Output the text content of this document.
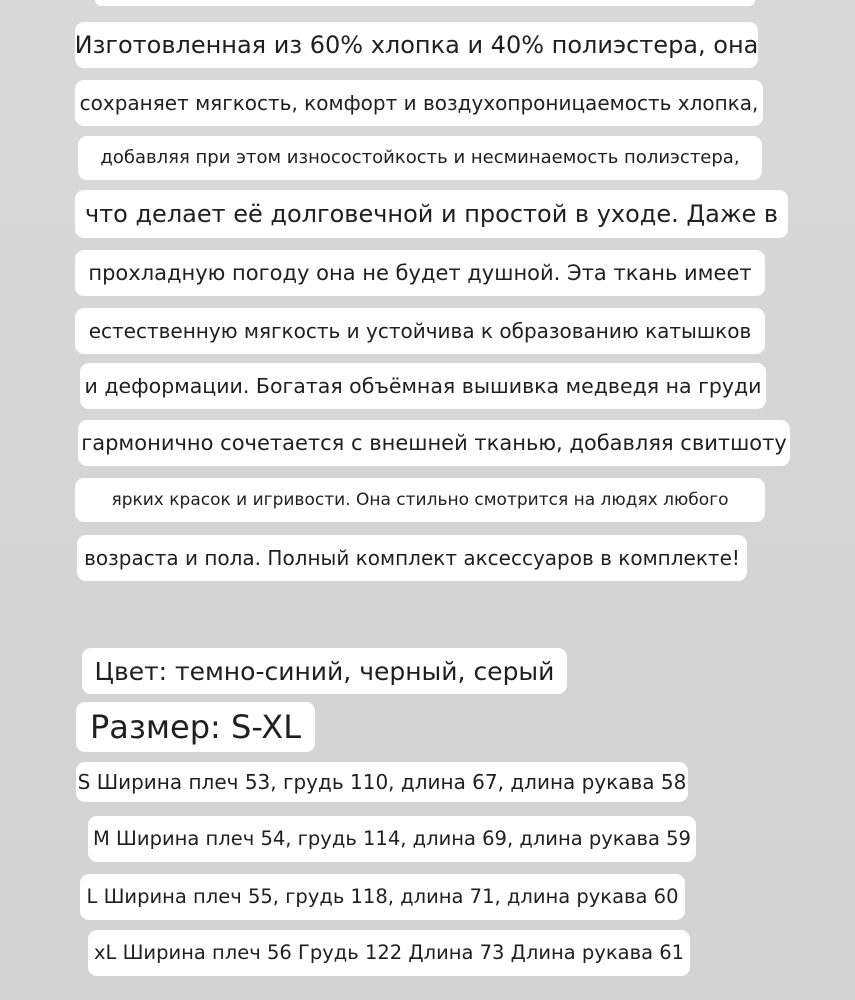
Изготовленная из 60% хлопка и 40% полиэстера, она
сохраняет мягкость, комфорт и воздухопроницаемость хлопка,
добавляя при этом износостойкость и несминаемость полиэстера,
что делает её долговечной и простой в уходе. Даже в
прохладную погоду она не будет душной. Эта ткань имеет
естественную мягкость и устойчива к образованию катышков
и деформации. Богатая объёмная вышивка медведя на груди
гармонично сочетается с внешней тканью, добавляя свитшоту
ярких красок и игривости. Она стильно смотрится на людях любого
возраста и пола. Полный комплект аксессуаров в комплекте!
Цвет: темно-синий, черный, серый
Размер: S-XL
S Ширина плеч 53, грудь 110, длина 67, длина рукава 58
M Ширина плеч 54, грудь 114, длина 69, длина рукава 59
L Ширина плеч 55, грудь 118, длина 71, длина рукава 60
xL Ширина плеч 56 Грудь 122 Длина 73 Длина рукава 61
